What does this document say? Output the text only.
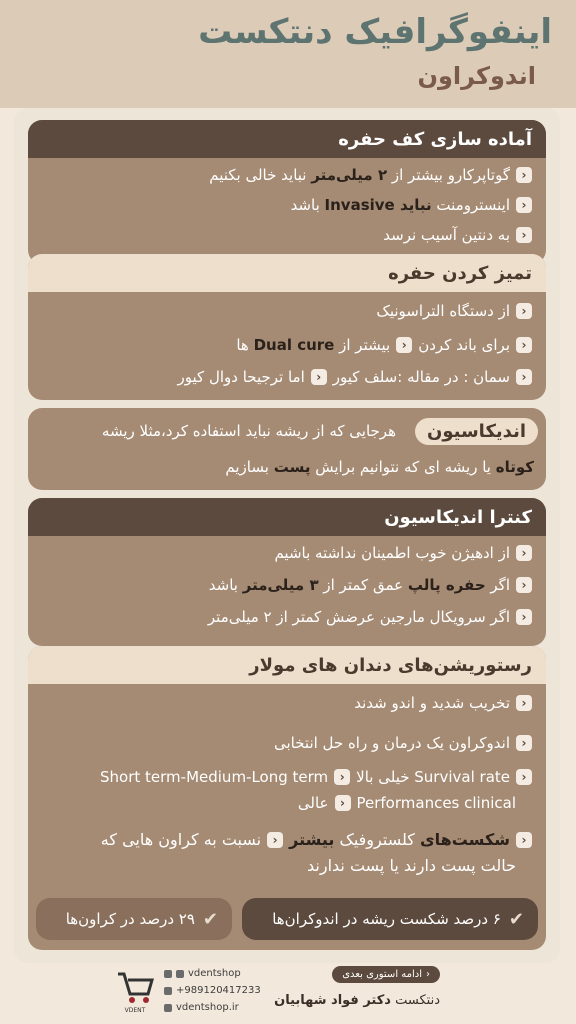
اینفوگرافیک دنتکست
اندوکراون
آماده سازی کف حفره
‹
گوتاپرکارو بیشتر از ۲ میلی‌متر نباید خالی بکنیم
‹
اینسترومنت نباید Invasive باشد
‹
به دنتین آسیب نرسد
تمیز کردن حفره
‹
از دستگاه التراسونیک
‹
برای باند کردن
‹
بیشتر از Dual cure ها
‹
سمان : در مقاله :سلف کیور
‹
اما ترجیحا دوال کیور
اندیکاسیون
هرجایی که از ریشه نباید استفاده کرد،مثلا ریشه
کوتاه یا ریشه ای که نتوانیم برایش پست بسازیم
کنترا اندیکاسیون
‹
از ادهیژن خوب اطمینان نداشته باشیم
‹
اگر حفره پالپ عمق کمتر از ۳ میلی‌متر باشد
‹
اگر سرویکال مارجین عرضش کمتر از ۲ میلی‌متر
رستوریشن‌های دندان های مولار
‹
تخریب شدید و اندو شدند
‹
اندوکراون یک درمان و راه حل انتخابی
‹
Survival rate خیلی بالا
‹
Short term-Medium-Long term
Performances clinical
‹
عالی
‹
شکست‌های کلستروفیک بیشتر
‹
نسبت به کراون هایی که
حالت پست دارند یا پست ندارند
✔
۶ درصد شکست ریشه در اندوکران‌ها
✔
۲۹ درصد در کراون‌ها
VDENT
vdentshop
+989120417233
vdentshop.ir
‹
ادامه استوری بعدی
دنتکست دکتر فواد شهابیان
